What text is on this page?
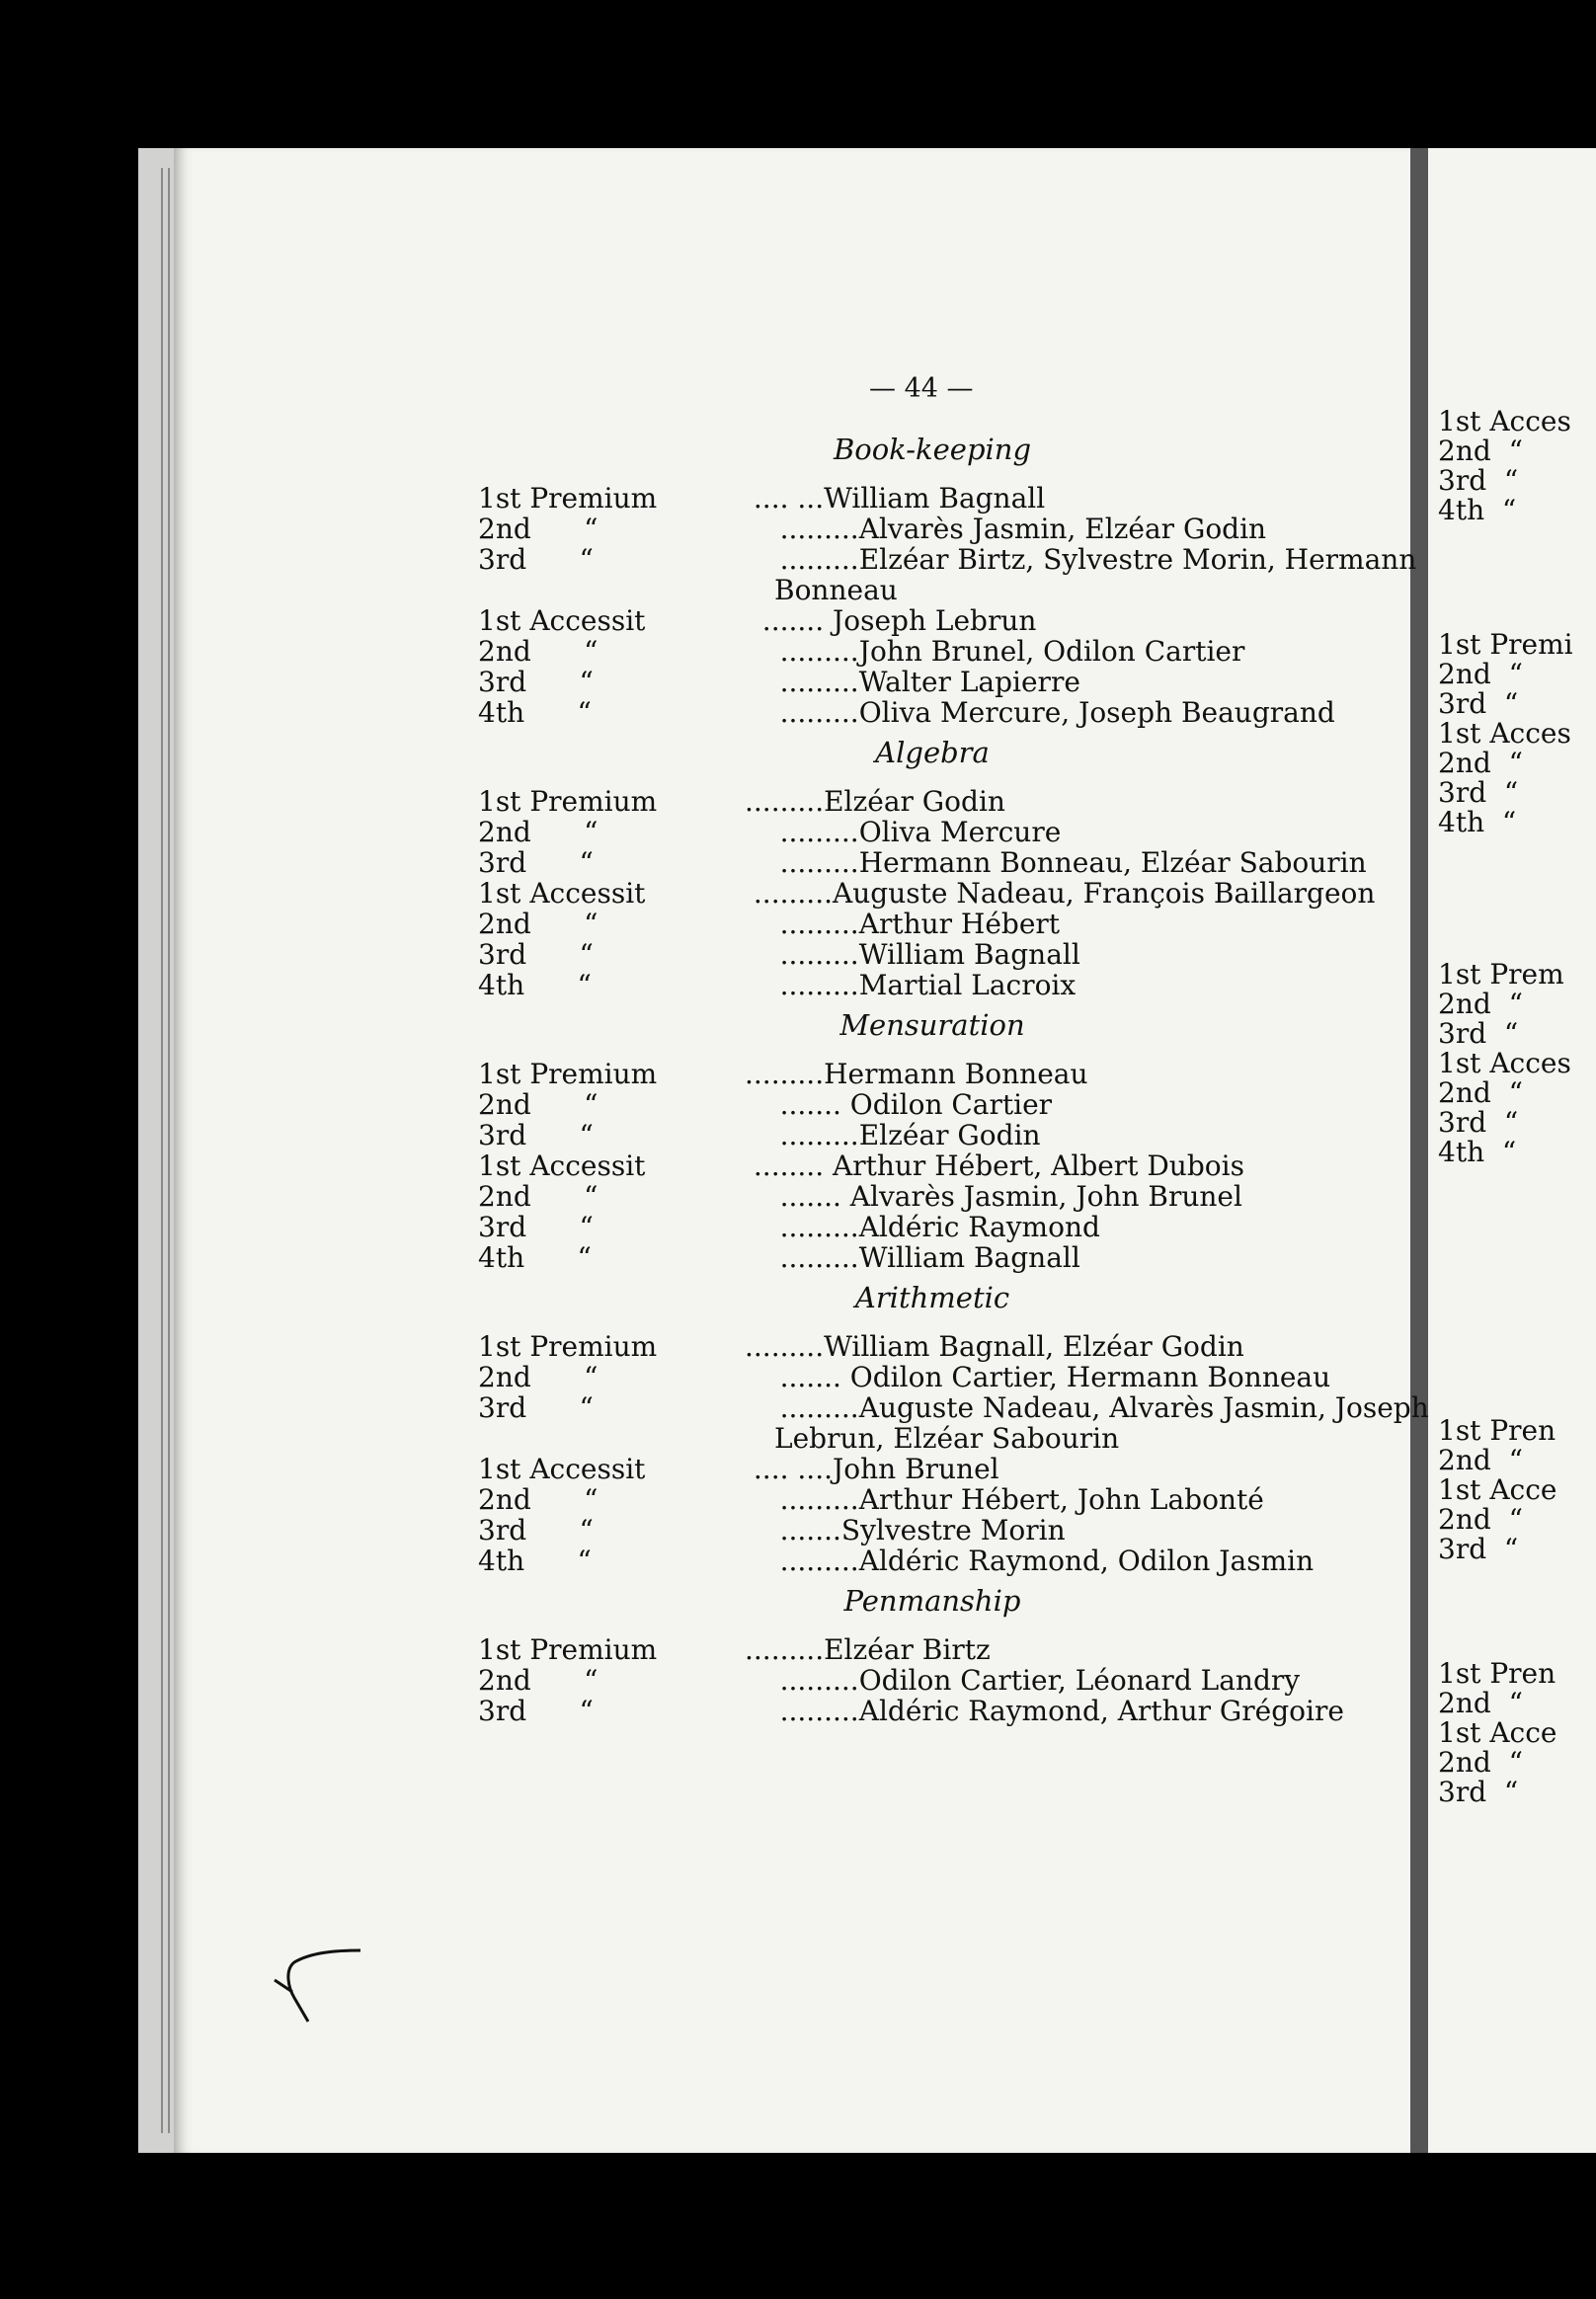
1st Acces
2nd  “
3rd  “
4th  “
1st Premi
2nd  “
3rd  “
1st Acces
2nd  “
3rd  “
4th  “
1st Prem
2nd  “
3rd  “
1st Acces
2nd  “
3rd  “
4th  “
1st Pren
2nd  “
1st Acce
2nd  “
3rd  “
1st Pren
2nd  “
1st Acce
2nd  “
3rd  “
— 44 —
Book-keeping
1st Premium	.... ...William Bagnall
2nd      “	.........Alvarès Jasmin, Elzéar Godin
3rd      “	.........Elzéar Birtz, Sylvestre Morin, Hermann
Bonneau
1st Accessit	....... Joseph Lebrun
2nd      “	.........John Brunel, Odilon Cartier
3rd      “	.........Walter Lapierre
4th      “	.........Oliva Mercure, Joseph Beaugrand
Algebra
1st Premium	.........Elzéar Godin
2nd      “	.........Oliva Mercure
3rd      “	.........Hermann Bonneau, Elzéar Sabourin
1st Accessit	.........Auguste Nadeau, François Baillargeon
2nd      “	.........Arthur Hébert
3rd      “	.........William Bagnall
4th      “	.........Martial Lacroix
Mensuration
1st Premium	.........Hermann Bonneau
2nd      “	....... Odilon Cartier
3rd      “	.........Elzéar Godin
1st Accessit	........ Arthur Hébert, Albert Dubois
2nd      “	....... Alvarès Jasmin, John Brunel
3rd      “	.........Aldéric Raymond
4th      “	.........William Bagnall
Arithmetic
1st Premium	.........William Bagnall, Elzéar Godin
2nd      “	....... Odilon Cartier, Hermann Bonneau
3rd      “	.........Auguste Nadeau, Alvarès Jasmin, Joseph
Lebrun, Elzéar Sabourin
1st Accessit	.... ....John Brunel
2nd      “	.........Arthur Hébert, John Labonté
3rd      “	.......Sylvestre Morin
4th      “	.........Aldéric Raymond, Odilon Jasmin
Penmanship
1st Premium	.........Elzéar Birtz
2nd      “	.........Odilon Cartier, Léonard Landry
3rd      “	.........Aldéric Raymond, Arthur Grégoire
